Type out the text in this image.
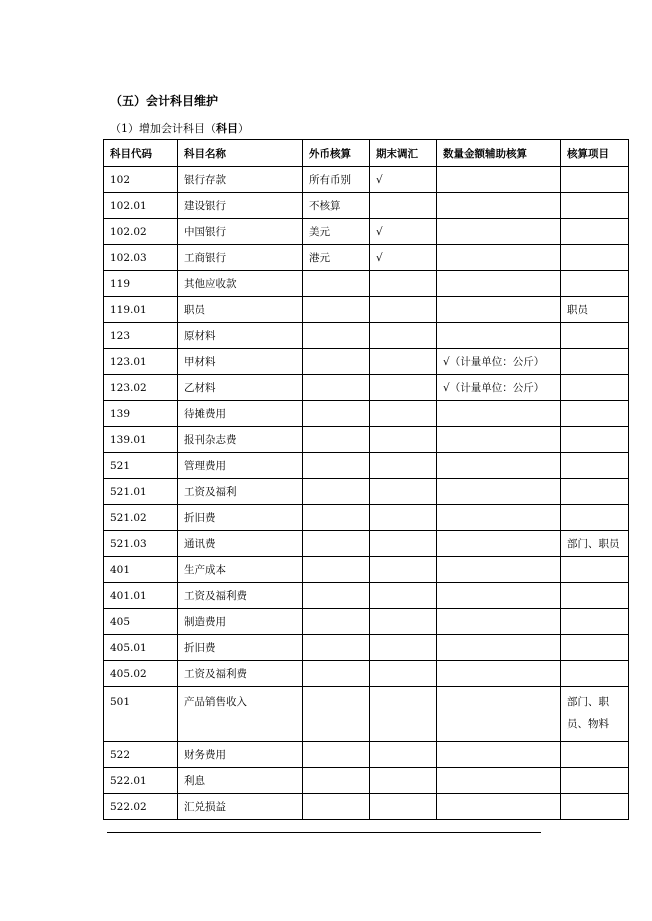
（五）会计科目维护
（1）增加会计科目（科目）
科目代码	科目名称	外币核算	期末调汇	数量金额辅助核算	核算项目
102	银行存款	所有币别	√		
102.01	建设银行	不核算			
102.02	中国银行	美元	√		
102.03	工商银行	港元	√		
119	其他应收款				
119.01	职员				职员
123	原材料				
123.01	甲材料			√（计量单位：公斤）	
123.02	乙材料			√（计量单位：公斤）	
139	待摊费用				
139.01	报刊杂志费				
521	管理费用				
521.01	工资及福利				
521.02	折旧费				
521.03	通讯费				部门、职员
401	生产成本				
401.01	工资及福利费				
405	制造费用				
405.01	折旧费				
405.02	工资及福利费				
501	产品销售收入				部门、职员、物料
522	财务费用				
522.01	利息				
522.02	汇兑损益				
